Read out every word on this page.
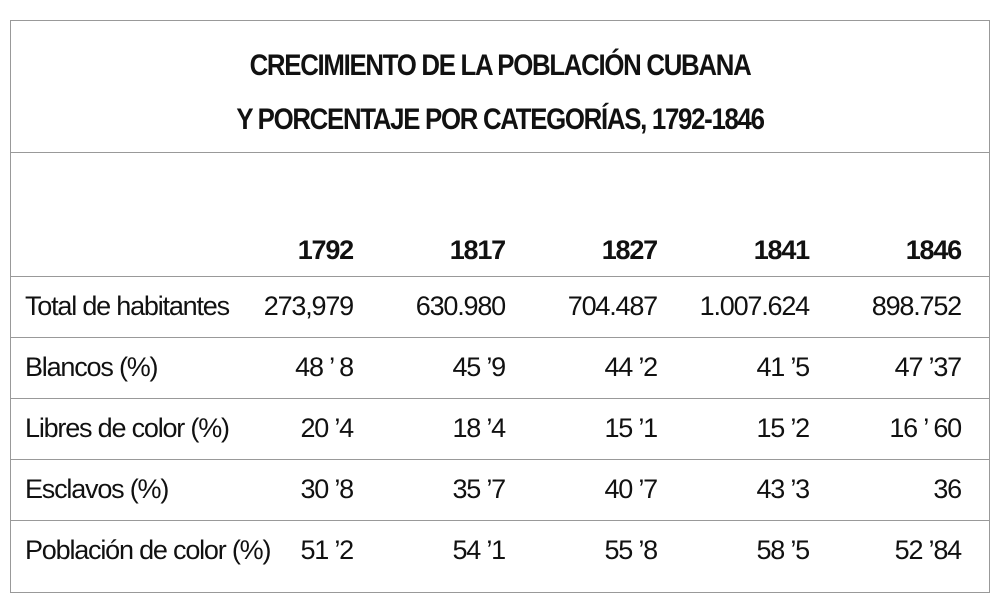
CRECIMIENTO DE LA POBLACIÓN CUBANA
Y PORCENTAJE POR CATEGORÍAS, 1792-1846
	1792	1817	1827	1841	1846
Total de habitantes	273,979	630.980	704.487	1.007.624	898.752
Blancos (%)	48 ’ 8	45 ’9	44 ’2	41 ’5	47 ’37
Libres de color (%)	20 ’4	18 ’4	15 ’1	15 ’2	16 ’ 60
Esclavos (%)	30 ’8	35 ’7	40 ’7	43 ’3	36
Población de color (%)	51 ’2	54 ’1	55 ’8	58 ’5	52 ’84
